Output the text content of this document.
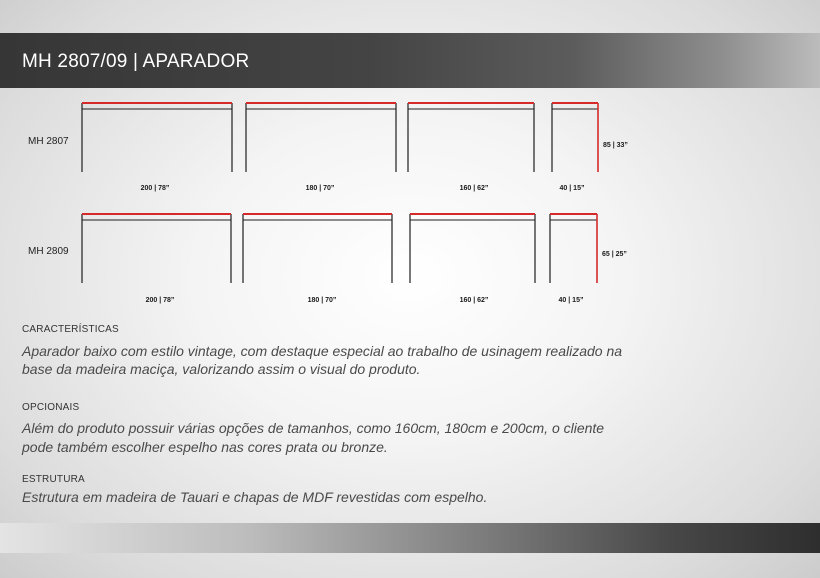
MH 2807/09 | APARADOR
MH 2807	85 | 33”
200 | 78”	180 | 70”	160 | 62”	40 | 15”
MH 2809	65 | 25”
200 | 78”	180 | 70”	160 | 62”	40 | 15”
CARACTERÍSTICAS
Aparador baixo com estilo vintage, com destaque especial ao trabalho de usinagem realizado na
base da madeira maciça, valorizando assim o visual do produto.
OPCIONAIS
Além do produto possuir várias opções de tamanhos, como 160cm, 180cm e 200cm, o cliente
pode também escolher espelho nas cores prata ou bronze.
ESTRUTURA
Estrutura em madeira de Tauari e chapas de MDF revestidas com espelho.
